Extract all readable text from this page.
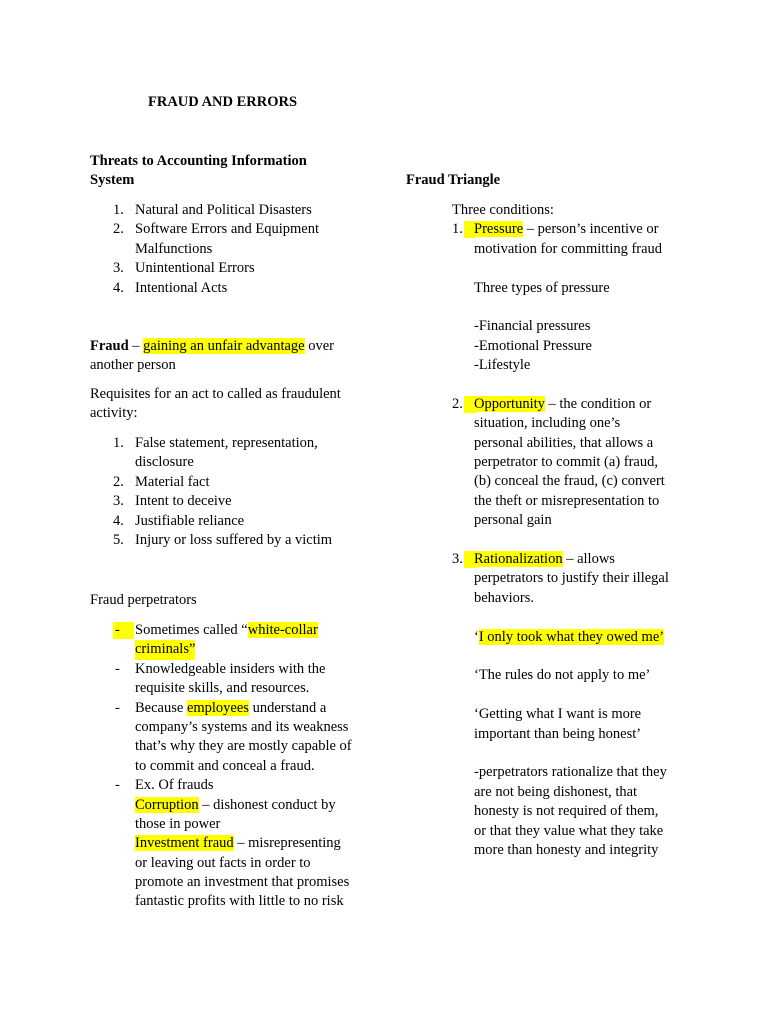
FRAUD AND ERRORS
Threats to Accounting Information
System
1. Natural and Political Disasters
2. Software Errors and Equipment
Malfunctions
3. Unintentional Errors
4. Intentional Acts
Fraud – gaining an unfair advantage over
another person
Requisites for an act to called as fraudulent
activity:
1. False statement, representation,
disclosure
2. Material fact
3. Intent to deceive
4. Justifiable reliance
5. Injury or loss suffered by a victim
Fraud perpetrators
- Sometimes called “white-collar
criminals”
- Knowledgeable insiders with the
requisite skills, and resources.
- Because employees understand a
company’s systems and its weakness
that’s why they are mostly capable of
to commit and conceal a fraud.
- Ex. Of frauds
Corruption – dishonest conduct by
those in power
Investment fraud – misrepresenting
or leaving out facts in order to
promote an investment that promises
fantastic profits with little to no risk
Fraud Triangle
Three conditions:
1. Pressure – person’s incentive or
motivation for committing fraud
Three types of pressure
-Financial pressures
-Emotional Pressure
-Lifestyle
2. Opportunity – the condition or
situation, including one’s
personal abilities, that allows a
perpetrator to commit (a) fraud,
(b) conceal the fraud, (c) convert
the theft or misrepresentation to
personal gain
3. Rationalization – allows
perpetrators to justify their illegal
behaviors.
‘I only took what they owed me’
‘The rules do not apply to me’
‘Getting what I want is more
important than being honest’
-perpetrators rationalize that they
are not being dishonest, that
honesty is not required of them,
or that they value what they take
more than honesty and integrity
